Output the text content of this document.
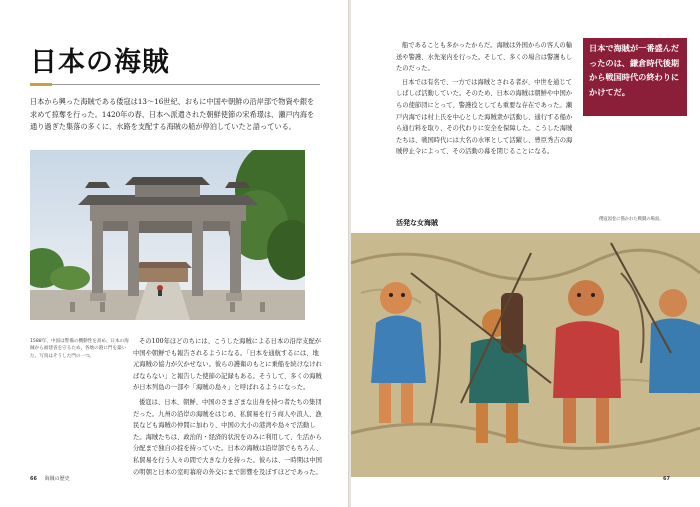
日本の海賊
日本から興った海賊である倭寇は13～16世紀、おもに中国や朝鮮の沿岸部で物資や銀を求めて掠奪を行った。1420年の春、日本へ派遣された朝鮮使節の宋希璟は、瀬戸内海を通り過ぎた集落の多くに、水路を支配する海賊の船が停泊していたと語っている。
1588年、中国は警備の機動性を高め、日本の海賊から福建省を守るため、各地の港に門を築いた。写真はそうした門の一つ。

その100年ほどのちには、こうした海賊による日本の沿岸支配が中国や朝鮮でも報告されるようになる。「日本を通航するには、地元海賊の協力が欠かせない。彼らの護衛のもとに乗船を続けなければならない」と報告した使節の記録もある。そうして、多くの海賊が日本列島の一部や「海賊の島々」と呼ばれるようになった。

倭寇は、日本、朝鮮、中国のさまざまな出身を持つ者たちの集団だった。九州の沿岸の海賊をはじめ、私貿易を行う商人や浪人、漁民なども海賊の仲間に加わり、中国の大小の港湾や島々で活動した。海賊たちは、政治的・経済的状況をのみに利用して、生活から分配まで独自の掟を持っていた。日本の海賊は沿岸部でもちろん、私貿易を行う人々の間で大きな力を持った。彼らは、一時期は中国の明朝と日本の室町幕府の外交にまで影響を及ぼすほどであった。

66 海賊の歴史

船であることも多かったからだ。海賊は外国からの客人の輸送や警護、水先案内を行った。そして、多くの場合は警護もしたのだった。

日本では有名で、一方では海賊とされる者が、中世を通じてしばしば活動していた。そのため、日本の海賊は朝鮮や中国からの使節団にとって、警護役としても重要な存在であった。瀬戸内海では村上氏を中心とした海賊衆が活動し、通行する船から通行料を取り、その代わりに安全を保障した。こうした海賊たちは、戦国時代には大名の水軍として活躍し、豊臣秀吉の海賊停止令によって、その活動の幕を閉じることになる。

活発な女海賊

日本で海賊が一番盛んだったのは、鎌倉時代後期から戦国時代の終わりにかけてだ。
倭寇図巻に描かれた戦闘の場面。
67
